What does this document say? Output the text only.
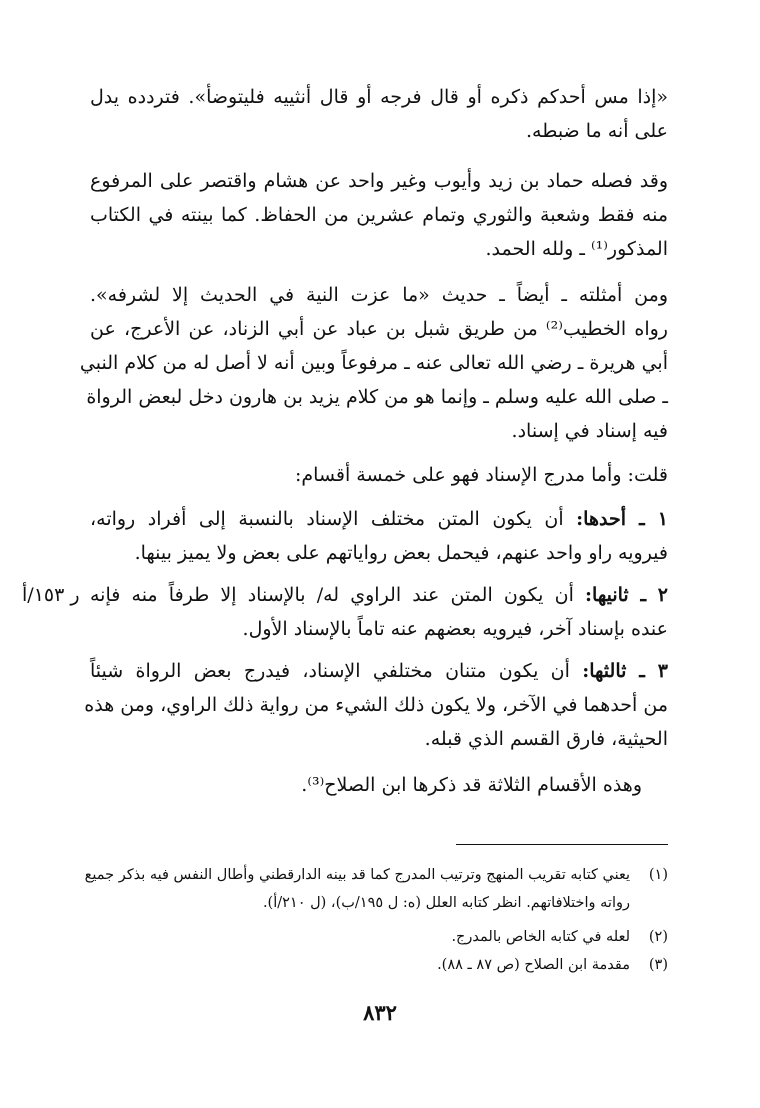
«إذا مس أحدكم ذكره أو قال فرجه أو قال أنثييه فليتوضأ». فتردده يدل

على أنه ما ضبطه.

وقد فصله حماد بن زيد وأيوب وغير واحد عن هشام واقتصر على المرفوع

منه فقط وشعبة والثوري وتمام عشرين من الحفاظ. كما بينته في الكتاب

المذكور⁽¹⁾ ـ ولله الحمد.

ومن أمثلته ـ أيضاً ـ حديث «ما عزت النية في الحديث إلا لشرفه».

رواه الخطيب⁽²⁾ من طريق شبل بن عباد عن أبي الزناد، عن الأعرج، عن

أبي هريرة ـ رضي الله تعالى عنه ـ مرفوعاً وبين أنه لا أصل له من كلام النبي

ـ صلى الله عليه وسلم ـ وإنما هو من كلام يزيد بن هارون دخل لبعض الرواة

فيه إسناد في إسناد.

قلت: وأما مدرج الإسناد فهو على خمسة أقسام:

١ ـ أحدها: أن يكون المتن مختلف الإسناد بالنسبة إلى أفراد رواته،

فيرويه راو واحد عنهم، فيحمل بعض رواياتهم على بعض ولا يميز بينها.

٢ ـ ثانيها: أن يكون المتن عند الراوي له/ بالإسناد إلا طرفاً منه فإنه

عنده بإسناد آخر، فيرويه بعضهم عنه تاماً بالإسناد الأول.

٣ ـ ثالثها: أن يكون متنان مختلفي الإسناد، فيدرج بعض الرواة شيئاً

من أحدهما في الآخر، ولا يكون ذلك الشيء من رواية ذلك الراوي، ومن هذه

الحيثية، فارق القسم الذي قبله.

وهذه الأقسام الثلاثة قد ذكرها ابن الصلاح⁽³⁾.

ر ١٥٣/أ
(١)يعني كتابه تقريب المنهج وترتيب المدرج كما قد بينه الدارقطني وأطال النفس فيه بذكر جميع
رواته واختلافاتهم. انظر كتابه العلل (ه: ل ١٩٥/ب)، (ل ٢١٠/أ).
(٢)لعله في كتابه الخاص بالمدرج.
(٣)مقدمة ابن الصلاح (ص ٨٧ ـ ٨٨).
٨٣٢
